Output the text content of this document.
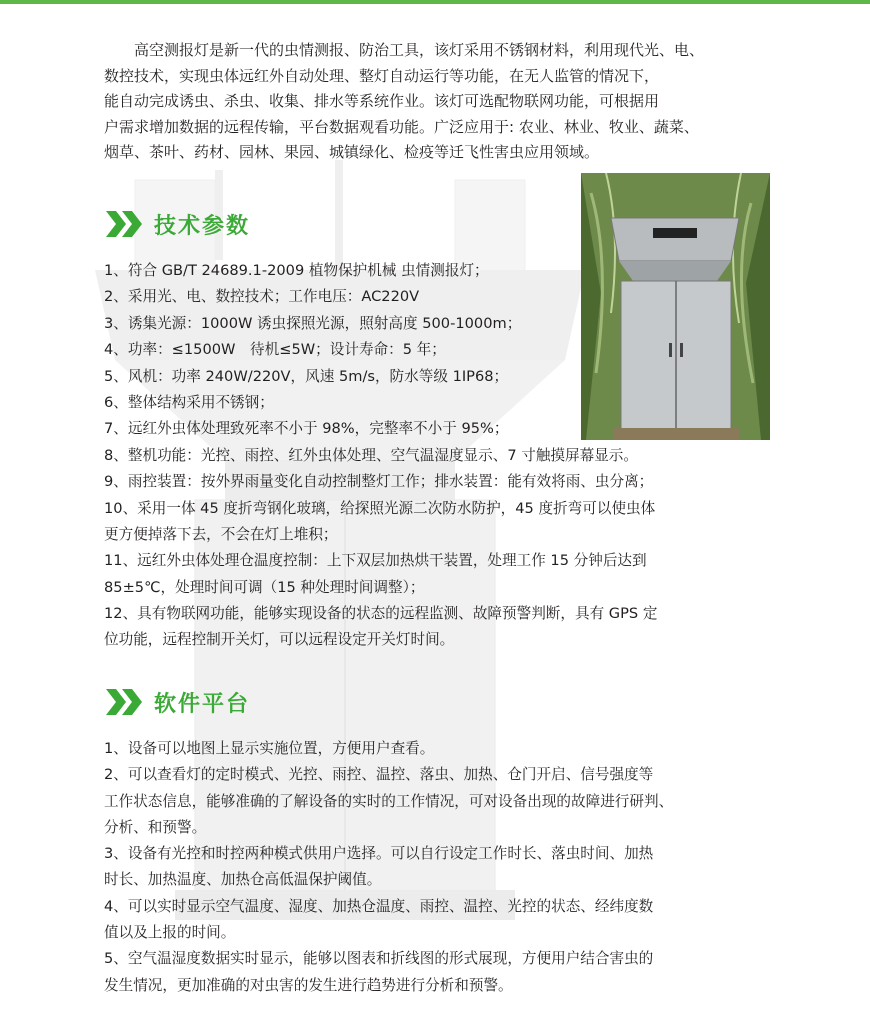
　　高空测报灯是新一代的虫情测报、防治工具，该灯采用不锈钢材料，利用现代光、电、
数控技术，实现虫体远红外自动处理、整灯自动运行等功能，在无人监管的情况下，
能自动完成诱虫、杀虫、收集、排水等系统作业。该灯可选配物联网功能，可根据用
户需求增加数据的远程传输，平台数据观看功能。广泛应用于: 农业、林业、牧业、蔬菜、
烟草、茶叶、药材、园林、果园、城镇绿化、检疫等迁飞性害虫应用领域。

技术参数
1、符合 GB/T 24689.1-2009 植物保护机械 虫情测报灯；
2、采用光、电、数控技术；工作电压：AC220V
3、诱集光源：1000W 诱虫探照光源，照射高度 500-1000m；
4、功率：≤1500W　待机≤5W；设计寿命：5 年；
5、风机：功率 240W/220V，风速 5m/s，防水等级 1IP68；
6、整体结构采用不锈钢；
7、远红外虫体处理致死率不小于 98%，完整率不小于 95%；
8、整机功能：光控、雨控、红外虫体处理、空气温湿度显示、7 寸触摸屏幕显示。
9、雨控装置：按外界雨量变化自动控制整灯工作；排水装置：能有效将雨、虫分离；
10、采用一体 45 度折弯钢化玻璃，给探照光源二次防水防护，45 度折弯可以使虫体
更方便掉落下去，不会在灯上堆积；
11、远红外虫体处理仓温度控制：上下双层加热烘干装置，处理工作 15 分钟后达到
85±5℃，处理时间可调（15 种处理时间调整）；
12、具有物联网功能，能够实现设备的状态的远程监测、故障预警判断，具有 GPS 定
位功能，远程控制开关灯，可以远程设定开关灯时间。
软件平台
1、设备可以地图上显示实施位置，方便用户查看。
2、可以查看灯的定时模式、光控、雨控、温控、落虫、加热、仓门开启、信号强度等
工作状态信息，能够准确的了解设备的实时的工作情况，可对设备出现的故障进行研判、
分析、和预警。
3、设备有光控和时控两种模式供用户选择。可以自行设定工作时长、落虫时间、加热
时长、加热温度、加热仓高低温保护阈值。
4、可以实时显示空气温度、湿度、加热仓温度、雨控、温控、光控的状态、经纬度数
值以及上报的时间。
5、空气温湿度数据实时显示，能够以图表和折线图的形式展现，方便用户结合害虫的
发生情况，更加准确的对虫害的发生进行趋势进行分析和预警。
